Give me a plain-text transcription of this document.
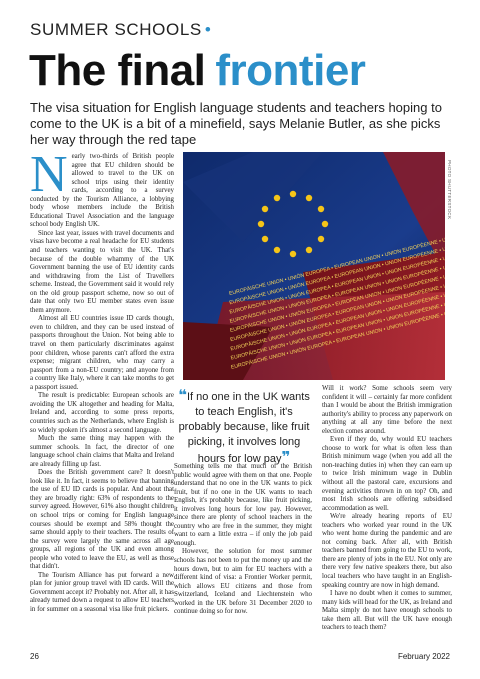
SUMMER SCHOOLS •
The final frontier
The visa situation for English language students and teachers hoping to come to the UK is a bit of a minefield, says Melanie Butler, as she picks her way through the red tape
EUROPÄISCHE UNION • UNIÓN EUROPEA • EUROPEAN UNION • UNION EUROPÉENNE • UNIONE
EUROPÄISCHE UNION • UNIÓN EUROPEA • EUROPEAN UNION • UNION EUROPÉENNE • UNIONE
EUROPÄISCHE UNION • UNIÓN EUROPEA • EUROPEAN UNION • UNION EUROPÉENNE • UNIONE
PHOTO SHUTTERSTOCK
N early two-thirds of British people agree that EU children should be allowed to travel to the UK on school trips using their identity cards, according to a survey conducted by the Tourism Alliance, a lobbying body whose members include the British Educational Travel Association and the language school body English UK.

Since last year, issues with travel documents and visas have become a real headache for EU students and teachers wanting to visit the UK. That's because of the double whammy of the UK Government banning the use of EU identity cards and withdrawing from the List of Travellers scheme. Instead, the Government said it would rely on the old group passport scheme, now so out of date that only two EU member states even issue them anymore.

Almost all EU countries issue ID cards though, even to children, and they can be used instead of passports throughout the Union. Not being able to travel on them particularly discriminates against poor children, whose parents can't afford the extra expense; migrant children, who may carry a passport from a non-EU country; and anyone from a country like Italy, where it can take months to get a passport issued.

The result is predictable: European schools are avoiding the UK altogether and heading for Malta, Ireland and, according to some press reports, countries such as the Netherlands, where English is so widely spoken it's almost a second language.

Much the same thing may happen with the summer schools. In fact, the director of one language school chain claims that Malta and Ireland are already filling up fast.

Does the British government care? It doesn't look like it. In fact, it seems to believe that banning the use of EU ID cards is popular. And about that they are broadly right: 63% of respondents to the survey agreed. However, 61% also thought children on school trips or coming for English language courses should be exempt and 58% thought the same should apply to their teachers. The results of the survey were largely the same across all age groups, all regions of the UK and even among people who voted to leave the EU, as well as those that didn't.

The Tourism Alliance has put forward a new plan for junior group travel with ID cards. Will the Government accept it? Probably not. After all, it has already turned down a request to allow EU teachers in for summer on a seasonal visa like fruit pickers.

❝If no one in the UK wants to teach English, it's probably because, like fruit picking, it involves long hours for low pay❞

Something tells me that much of the British public would agree with them on that one. People understand that no one in the UK wants to pick fruit, but if no one in the UK wants to teach English, it's probably because, like fruit picking, it involves long hours for low pay. However, since there are plenty of school teachers in the country who are free in the summer, they might want to earn a little extra – if only the job paid enough.

However, the solution for most summer schools has not been to put the money up and the hours down, but to aim for EU teachers with a different kind of visa: a Frontier Worker permit, which allows EU citizens and those from Switzerland, Iceland and Liechtenstein who worked in the UK before 31 December 2020 to continue doing so for now.

Will it work? Some schools seem very confident it will – certainly far more confident than I would be about the British immigration authority's ability to process any paperwork on anything at all any time before the next election comes around.

Even if they do, why would EU teachers choose to work for what is often less than British minimum wage (when you add all the non-teaching duties in) when they can earn up to twice Irish minimum wage in Dublin without all the pastoral care, excursions and evening activities thrown in on top? Oh, and most Irish schools are offering subsidised accommodation as well.

We're already hearing reports of EU teachers who worked year round in the UK who went home during the pandemic and are not coming back. After all, with British teachers banned from going to the EU to work, there are plenty of jobs in the EU. Not only are there very few native speakers there, but also local teachers who have taught in an English-speaking country are now in high demand.

I have no doubt when it comes to summer, many kids will head for the UK, as Ireland and Malta simply do not have enough schools to take them all. But will the UK have enough teachers to teach them?

26	February 2022
